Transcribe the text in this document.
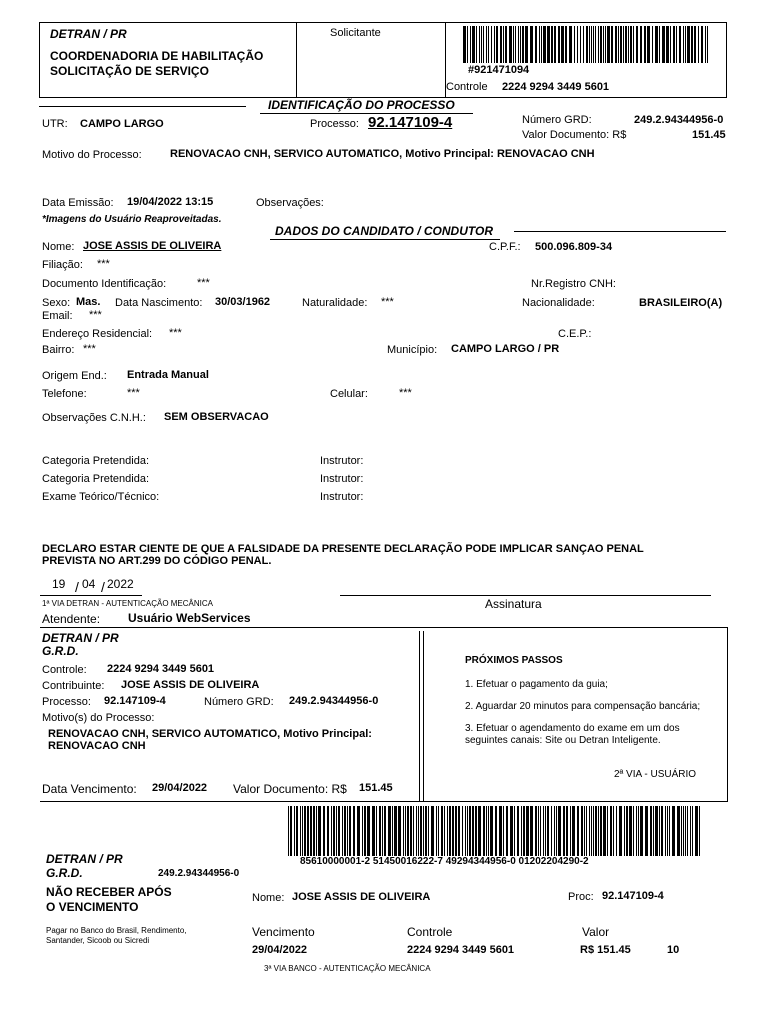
DETRAN / PR
COORDENADORIA DE HABILITAÇÃO
SOLICITAÇÃO DE SERVIÇO
Solicitante
#921471094
Controle 2224 9294 3449 5601
IDENTIFICAÇÃO DO PROCESSO
UTR: CAMPO LARGO	Processo: 92.147109-4	Número GRD:	249.2.94344956-0
Valor Documento: R$	151.45
Motivo do Processo:	RENOVACAO CNH, SERVICO AUTOMATICO, Motivo Principal: RENOVACAO CNH
Data Emissão: 19/04/2022 13:15	Observações:
*Imagens do Usuário Reaproveitadas.
DADOS DO CANDIDATO / CONDUTOR
Nome: JOSE ASSIS DE OLIVEIRA	C.P.F.: 500.096.809-34
Filiação: ***
Documento Identificação:	***	Nr.Registro CNH:
Sexo: Mas. Data Nascimento: 30/03/1962	Naturalidade: ***	Nacionalidade:	BRASILEIRO(A)
Email: ***
Endereço Residencial: ***	C.E.P.:
Bairro: ***	Município: CAMPO LARGO / PR
Origem End.: Entrada Manual
Telefone:	***	Celular:	***
Observações C.N.H.: SEM OBSERVACAO
Categoria Pretendida:	Instrutor:
Categoria Pretendida:	Instrutor:
Exame Teórico/Técnico:	Instrutor:
DECLARO ESTAR CIENTE DE QUE A FALSIDADE DA PRESENTE DECLARAÇÃO PODE IMPLICAR SANÇAO PENAL
PREVISTA NO ART.299 DO CÓDIGO PENAL.
19 / 04 / 2022
1ª VIA DETRAN - AUTENTICAÇÃO MECÂNICA	Assinatura
Atendente: Usuário WebServices
DETRAN / PR
G.R.D.
Controle: 2224 9294 3449 5601
Contribuinte: JOSE ASSIS DE OLIVEIRA
Processo: 92.147109-4	Número GRD: 249.2.94344956-0
Motivo(s) do Processo:
RENOVACAO CNH, SERVICO AUTOMATICO, Motivo Principal:
RENOVACAO CNH
Data Vencimento: 29/04/2022 Valor Documento: R$ 151.45
PRÓXIMOS PASSOS
1. Efetuar o pagamento da guia;
2. Aguardar 20 minutos para compensação bancária;
3. Efetuar o agendamento do exame em um dos
seguintes canais: Site ou Detran Inteligente.
2ª VIA - USUÁRIO
85610000001-2 51450016222-7 49294344956-0 01202204290-2
DETRAN / PR
G.R.D.	249.2.94344956-0
NÃO RECEBER APÓS
O VENCIMENTO
Pagar no Banco do Brasil, Rendimento,
Santander, Sicoob ou Sicredi
Nome: JOSE ASSIS DE OLIVEIRA	Proc: 92.147109-4
Vencimento
29/04/2022
Controle
2224 9294 3449 5601
Valor
R$ 151.45	10
3ª VIA BANCO - AUTENTICAÇÃO MECÂNICA
